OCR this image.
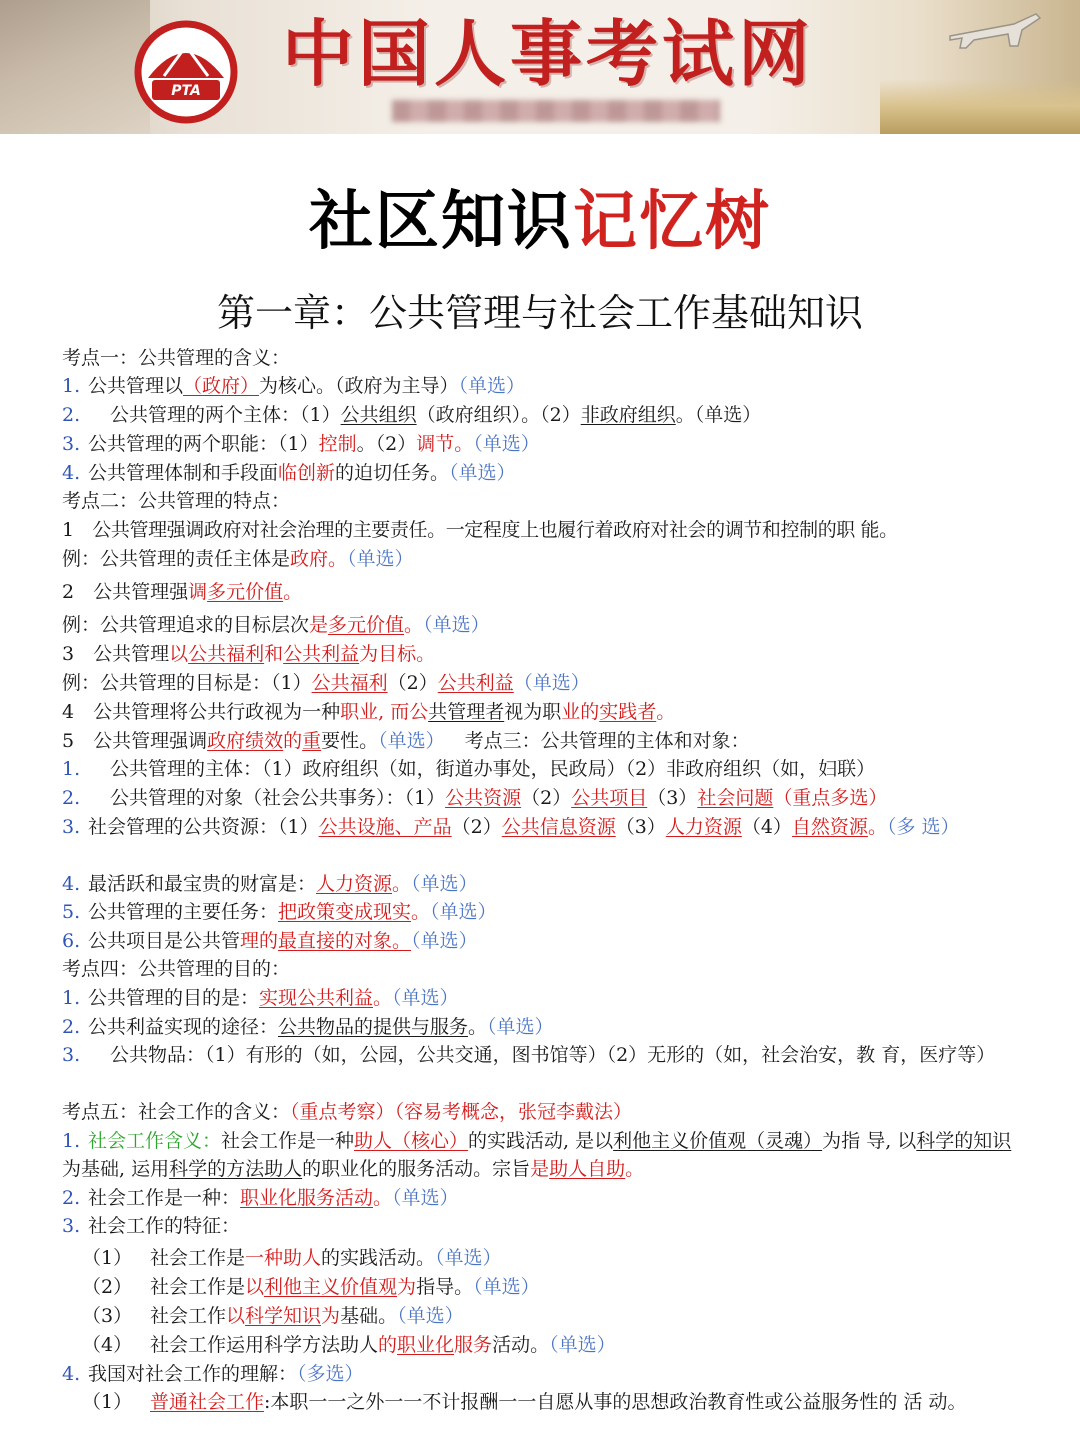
PTA 中国人事考试网
社区知识记忆树
第一章：公共管理与社会工作基础知识

考点一：公共管理的含义：

1. 公共管理以（政府）为核心。（政府为主导）（单选）

2. 公共管理的两个主体：（1）公共组织（政府组织）。（2）非政府组织。（单选）

3. 公共管理的两个职能：（1）控制。（2）调节。（单选）

4. 公共管理体制和手段面临创新的迫切任务。（单选）

考点二：公共管理的特点：

1　公共管理强调政府对社会治理的主要责任。一定程度上也履行着政府对社会的调节和控制的职 能。

例：公共管理的责任主体是政府。（单选）

2　公共管理强调多元价值。

例：公共管理追求的目标层次是多元价值。（单选）

3　公共管理以公共福利和公共利益为目标。

例：公共管理的目标是：（1）公共福利（2）公共利益（单选）

4　公共管理将公共行政视为一种职业, 而公共管理者视为职业的实践者。

5　公共管理强调政府绩效的重要性。（单选） 考点三：公共管理的主体和对象：

1. 公共管理的主体：（1）政府组织（如，街道办事处，民政局）（2）非政府组织（如，妇联）

2. 公共管理的对象（社会公共事务）：（1）公共资源（2）公共项目（3）社会问题（重点多选）

3. 社会管理的公共资源：（1）公共设施、产品（2）公共信息资源（3）人力资源（4）自然资源。（多 选）

4. 最活跃和最宝贵的财富是：人力资源。（单选）

5. 公共管理的主要任务：把政策变成现实。（单选）

6. 公共项目是公共管理的最直接的对象。（单选）

考点四：公共管理的目的：

1. 公共管理的目的是：实现公共利益。（单选）

2. 公共利益实现的途径：公共物品的提供与服务。（单选）

3. 公共物品：（1）有形的（如，公园，公共交通，图书馆等）（2）无形的（如，社会治安，教 育，医疗等）

考点五：社会工作的含义：（重点考察）（容易考概念，张冠李戴法）

1. 社会工作含义：社会工作是一种助人（核心）的实践活动, 是以利他主义价值观（灵魂）为指 导, 以科学的知识为基础, 运用科学的方法助人的职业化的服务活动。宗旨是助人自助。

2. 社会工作是一种：职业化服务活动。（单选）

3. 社会工作的特征：

（1） 社会工作是一种助人的实践活动。（单选）

（2） 社会工作是以利他主义价值观为指导。（单选）

（3） 社会工作以科学知识为基础。（单选）

（4） 社会工作运用科学方法助人的职业化服务活动。（单选）

4. 我国对社会工作的理解：（多选）

（1） 普通社会工作:本职一一之外一一不计报酬一一自愿从事的思想政治教育性或公益服务性的 活 动。
